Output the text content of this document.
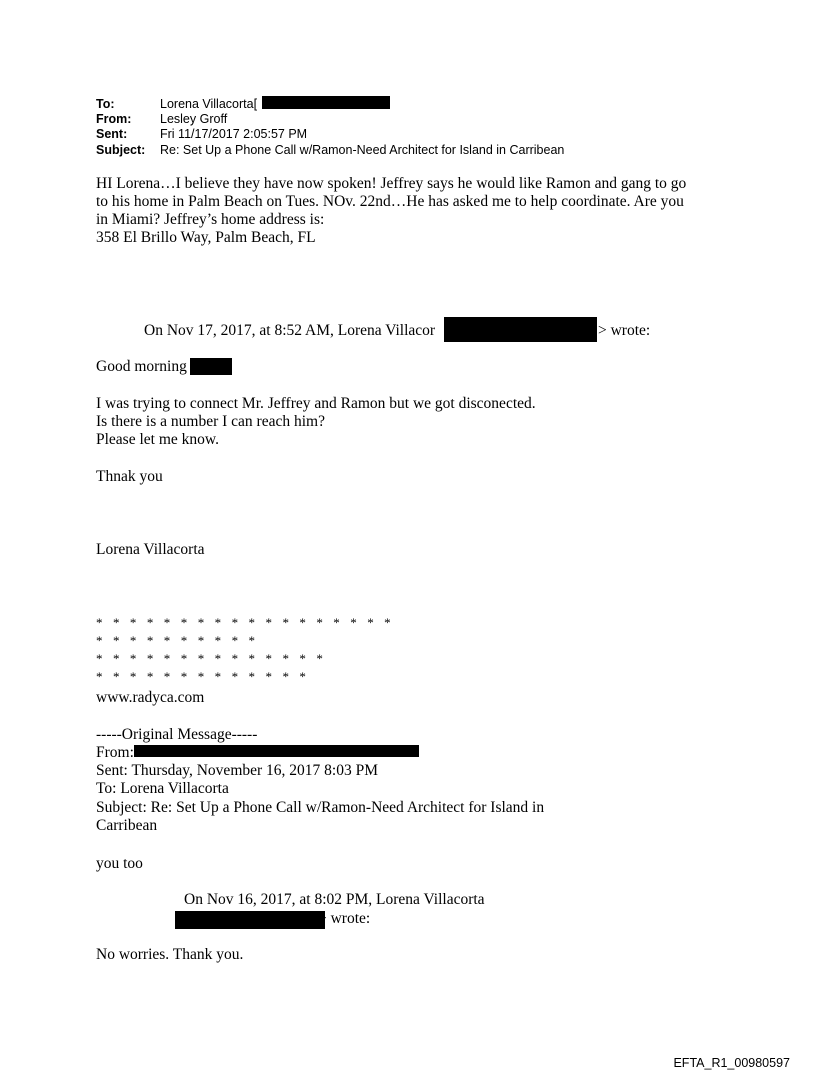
To:	Lorena Villacorta[
From: Lesley Groff
Sent:	Fri 11/17/2017 2:05:57 PM
Subject: Re: Set Up a Phone Call w/Ramon-Need Architect for Island in Carribean
HI Lorena…I believe they have now spoken! Jeffrey says he would like Ramon and gang to go
to his home in Palm Beach on Tues. NOv. 22nd…He has asked me to help coordinate. Are you
in Miami? Jeffrey’s home address is:
358 El Brillo Way, Palm Beach, FL
On Nov 17, 2017, at 8:52 AM, Lorena Villacor	> wrote:
Good morning
I was trying to connect Mr. Jeffrey and Ramon but we got disconected.
Is there is a number I can reach him?
Please let me know.
Thnak you
Lorena Villacorta
* * * * * * * * * * * * * * * * * *
* * * * * * * * * *
* * * * * * * * * * * * * *
* * * * * * * * * * * * *
www.radyca.com
-----Original Message-----
From:
Sent: Thursday, November 16, 2017 8:03 PM
To: Lorena Villacorta
Subject: Re: Set Up a Phone Call w/Ramon-Need Architect for Island in
Carribean
you too
On Nov 16, 2017, at 8:02 PM, Lorena Villacorta
> wrote:
No worries. Thank you.
EFTA_R1_00980597
